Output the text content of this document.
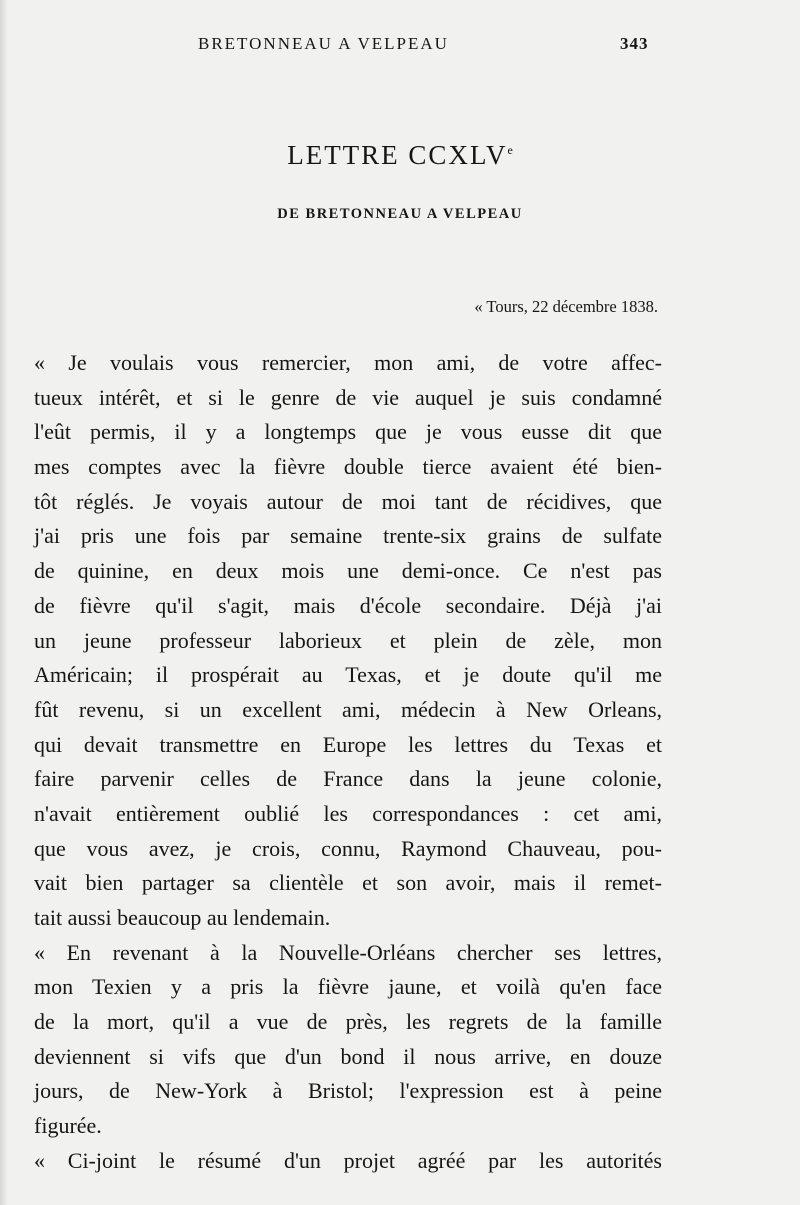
BRETONNEAU A VELPEAU	343
LETTRE CCXLVe
DE BRETONNEAU A VELPEAU
« Tours, 22 décembre 1838.
« Je voulais vous remercier, mon ami, de votre affec-
tueux intérêt, et si le genre de vie auquel je suis condamné
l'eût permis, il y a longtemps que je vous eusse dit que
mes comptes avec la fièvre double tierce avaient été bien-
tôt réglés. Je voyais autour de moi tant de récidives, que
j'ai pris une fois par semaine trente-six grains de sulfate
de quinine, en deux mois une demi-once. Ce n'est pas
de fièvre qu'il s'agit, mais d'école secondaire. Déjà j'ai
un jeune professeur laborieux et plein de zèle, mon
Américain; il prospérait au Texas, et je doute qu'il me
fût revenu, si un excellent ami, médecin à New Orleans,
qui devait transmettre en Europe les lettres du Texas et
faire parvenir celles de France dans la jeune colonie,
n'avait entièrement oublié les correspondances : cet ami,
que vous avez, je crois, connu, Raymond Chauveau, pou-
vait bien partager sa clientèle et son avoir, mais il remet-
tait aussi beaucoup au lendemain.
« En revenant à la Nouvelle-Orléans chercher ses lettres,
mon Texien y a pris la fièvre jaune, et voilà qu'en face
de la mort, qu'il a vue de près, les regrets de la famille
deviennent si vifs que d'un bond il nous arrive, en douze
jours, de New-York à Bristol; l'expression est à peine
figurée.
« Ci-joint le résumé d'un projet agréé par les autorités
